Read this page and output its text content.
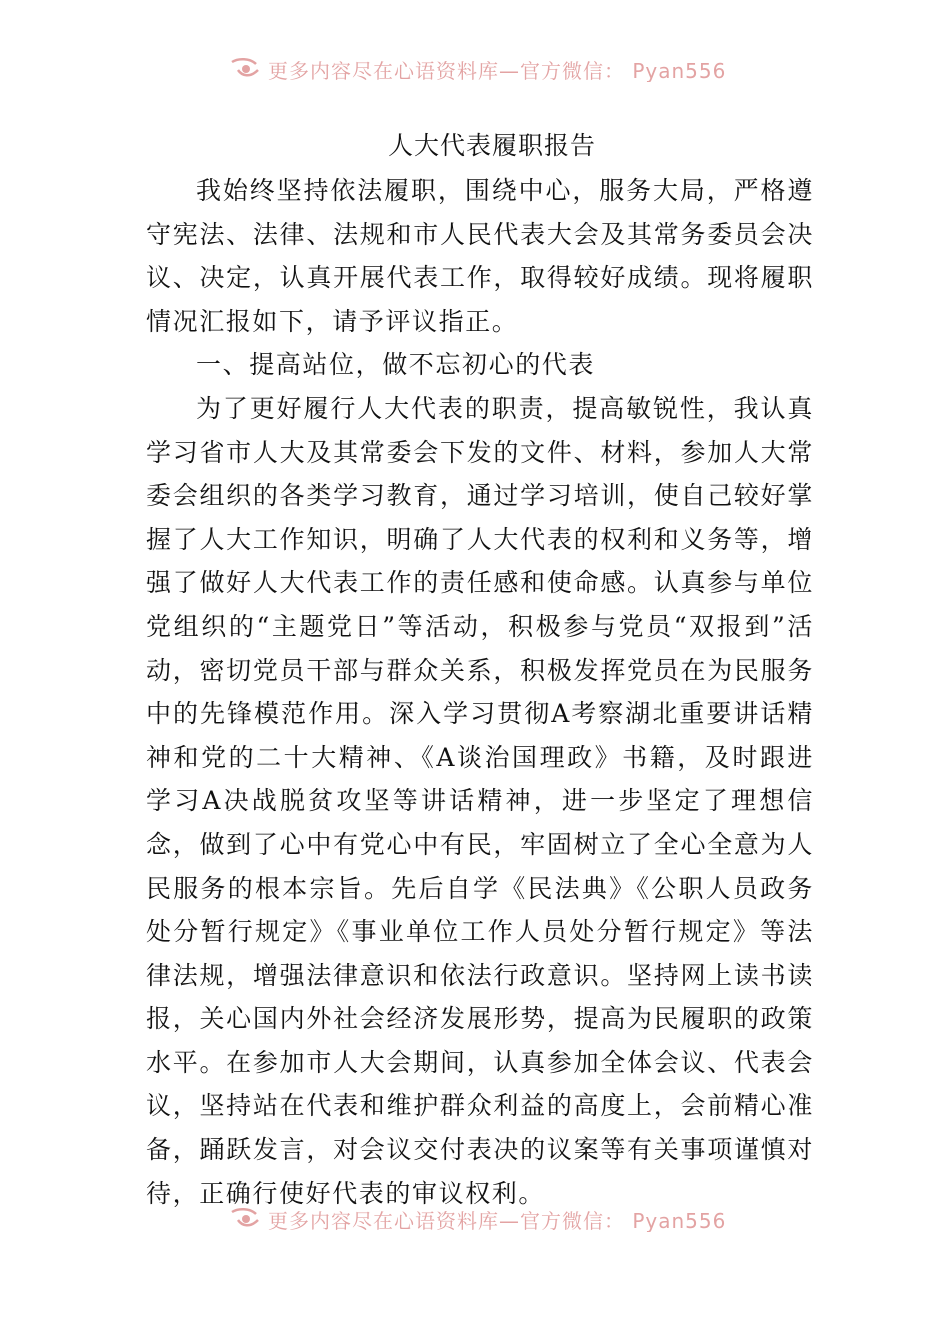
更多内容尽在心语资料库—官方微信： Pyan556
人大代表履职报告

我始终坚持依法履职，围绕中心，服务大局，严格遵守宪法、法律、法规和市人民代表大会及其常务委员会决议、决定，认真开展代表工作，取得较好成绩。现将履职情况汇报如下，请予评议指正。

一、提高站位，做不忘初心的代表

为了更好履行人大代表的职责，提高敏锐性，我认真学习省市人大及其常委会下发的文件、材料，参加人大常委会组织的各类学习教育，通过学习培训，使自己较好掌握了人大工作知识，明确了人大代表的权利和义务等，增强了做好人大代表工作的责任感和使命感。认真参与单位党组织的“主题党日”等活动，积极参与党员“双报到”活动，密切党员干部与群众关系，积极发挥党员在为民服务中的先锋模范作用。深入学习贯彻A考察湖北重要讲话精神和党的二十大精神、《A谈治国理政》书籍，及时跟进学习A决战脱贫攻坚等讲话精神，进一步坚定了理想信念，做到了心中有党心中有民，牢固树立了全心全意为人民服务的根本宗旨。先后自学《民法典》《公职人员政务处分暂行规定》《事业单位工作人员处分暂行规定》等法律法规，增强法律意识和依法行政意识。坚持网上读书读报，关心国内外社会经济发展形势，提高为民履职的政策水平。在参加市人大会期间，认真参加全体会议、代表会议，坚持站在代表和维护群众利益的高度上，会前精心准备，踊跃发言，对会议交付表决的议案等有关事项谨慎对待，正确行使好代表的审议权利。

更多内容尽在心语资料库—官方微信： Pyan556
